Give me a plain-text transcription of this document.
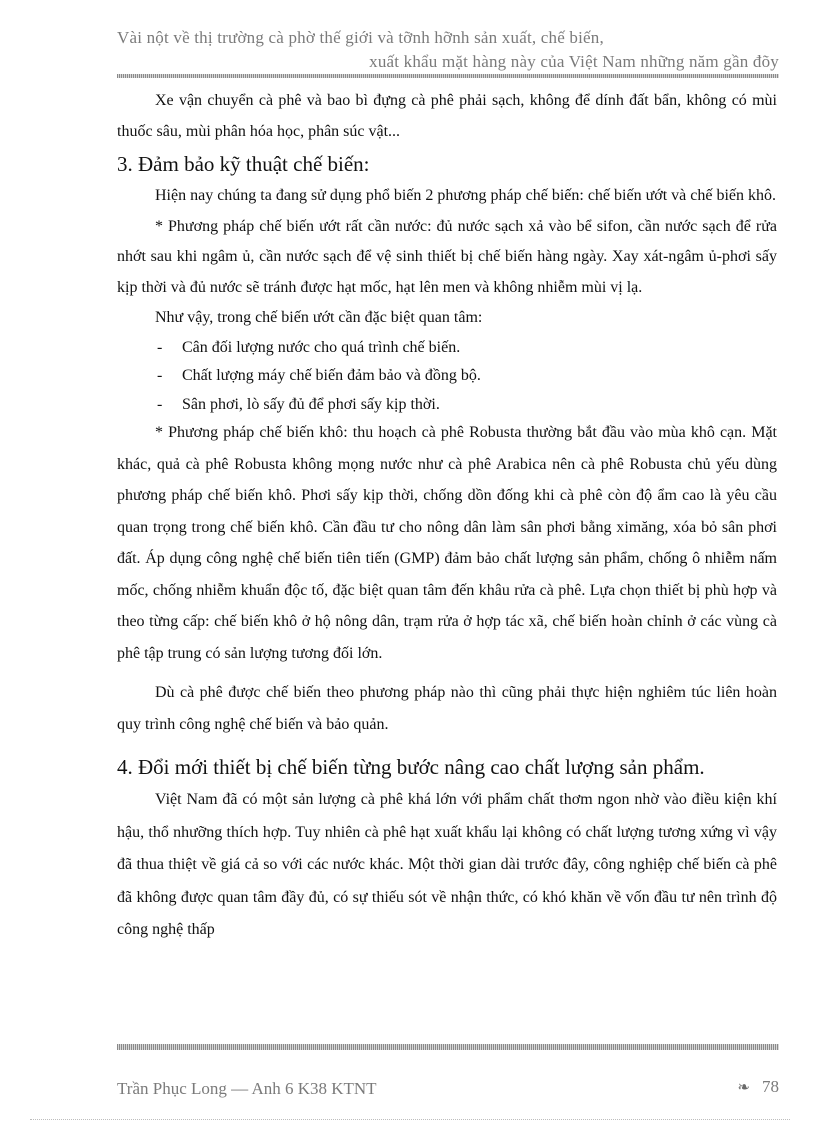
Vài nột về thị trường cà phờ thế giới và tỡnh hỡnh sản xuất, chế biến,
xuất khẩu mặt hàng này của Việt Nam những năm gần đõy

Xe vận chuyển cà phê và bao bì đựng cà phê phải sạch, không để dính đất bẩn, không có mùi thuốc sâu, mùi phân hóa học, phân súc vật...

3. Đảm bảo kỹ thuật chế biến:

Hiện nay chúng ta đang sử dụng phổ biến 2 phương pháp chế biến: chế biến ướt và chế biến khô.

* Phương pháp chế biến ướt rất cần nước: đủ nước sạch xả vào bể sifon, cần nước sạch để rửa nhớt sau khi ngâm ủ, cần nước sạch để vệ sinh thiết bị chế biến hàng ngày. Xay xát-ngâm ủ-phơi sấy kịp thời và đủ nước sẽ tránh được hạt mốc, hạt lên men và không nhiễm mùi vị lạ.

Như vậy, trong chế biến ướt cần đặc biệt quan tâm:

- Cân đối lượng nước cho quá trình chế biến.
- Chất lượng máy chế biến đảm bảo và đồng bộ.
- Sân phơi, lò sấy đủ để phơi sấy kịp thời.

* Phương pháp chế biến khô: thu hoạch cà phê Robusta thường bắt đầu vào mùa khô cạn. Mặt khác, quả cà phê Robusta không mọng nước như cà phê Arabica nên cà phê Robusta chủ yếu dùng phương pháp chế biến khô. Phơi sấy kịp thời, chống dồn đống khi cà phê còn độ ẩm cao là yêu cầu quan trọng trong chế biến khô. Cần đầu tư cho nông dân làm sân phơi bằng ximăng, xóa bỏ sân phơi đất. Áp dụng công nghệ chế biến tiên tiến (GMP) đảm bảo chất lượng sản phẩm, chống ô nhiễm nấm mốc, chống nhiễm khuẩn độc tố, đặc biệt quan tâm đến khâu rửa cà phê. Lựa chọn thiết bị phù hợp và theo từng cấp: chế biến khô ở hộ nông dân, trạm rửa ở hợp tác xã, chế biến hoàn chỉnh ở các vùng cà phê tập trung có sản lượng tương đối lớn.

Dù cà phê được chế biến theo phương pháp nào thì cũng phải thực hiện nghiêm túc liên hoàn quy trình công nghệ chế biến và bảo quản.

4. Đổi mới thiết bị chế biến từng bước nâng cao chất lượng sản phẩm.

Việt Nam đã có một sản lượng cà phê khá lớn với phẩm chất thơm ngon nhờ vào điều kiện khí hậu, thổ nhưỡng thích hợp. Tuy nhiên cà phê hạt xuất khẩu lại không có chất lượng tương xứng vì vậy đã thua thiệt về giá cả so với các nước khác. Một thời gian dài trước đây, công nghiệp chế biến cà phê đã không được quan tâm đầy đủ, có sự thiếu sót về nhận thức, có khó khăn về vốn đầu tư nên trình độ công nghệ thấp

Trần Phục Long — Anh 6 K38 KTNT	❧ 78
